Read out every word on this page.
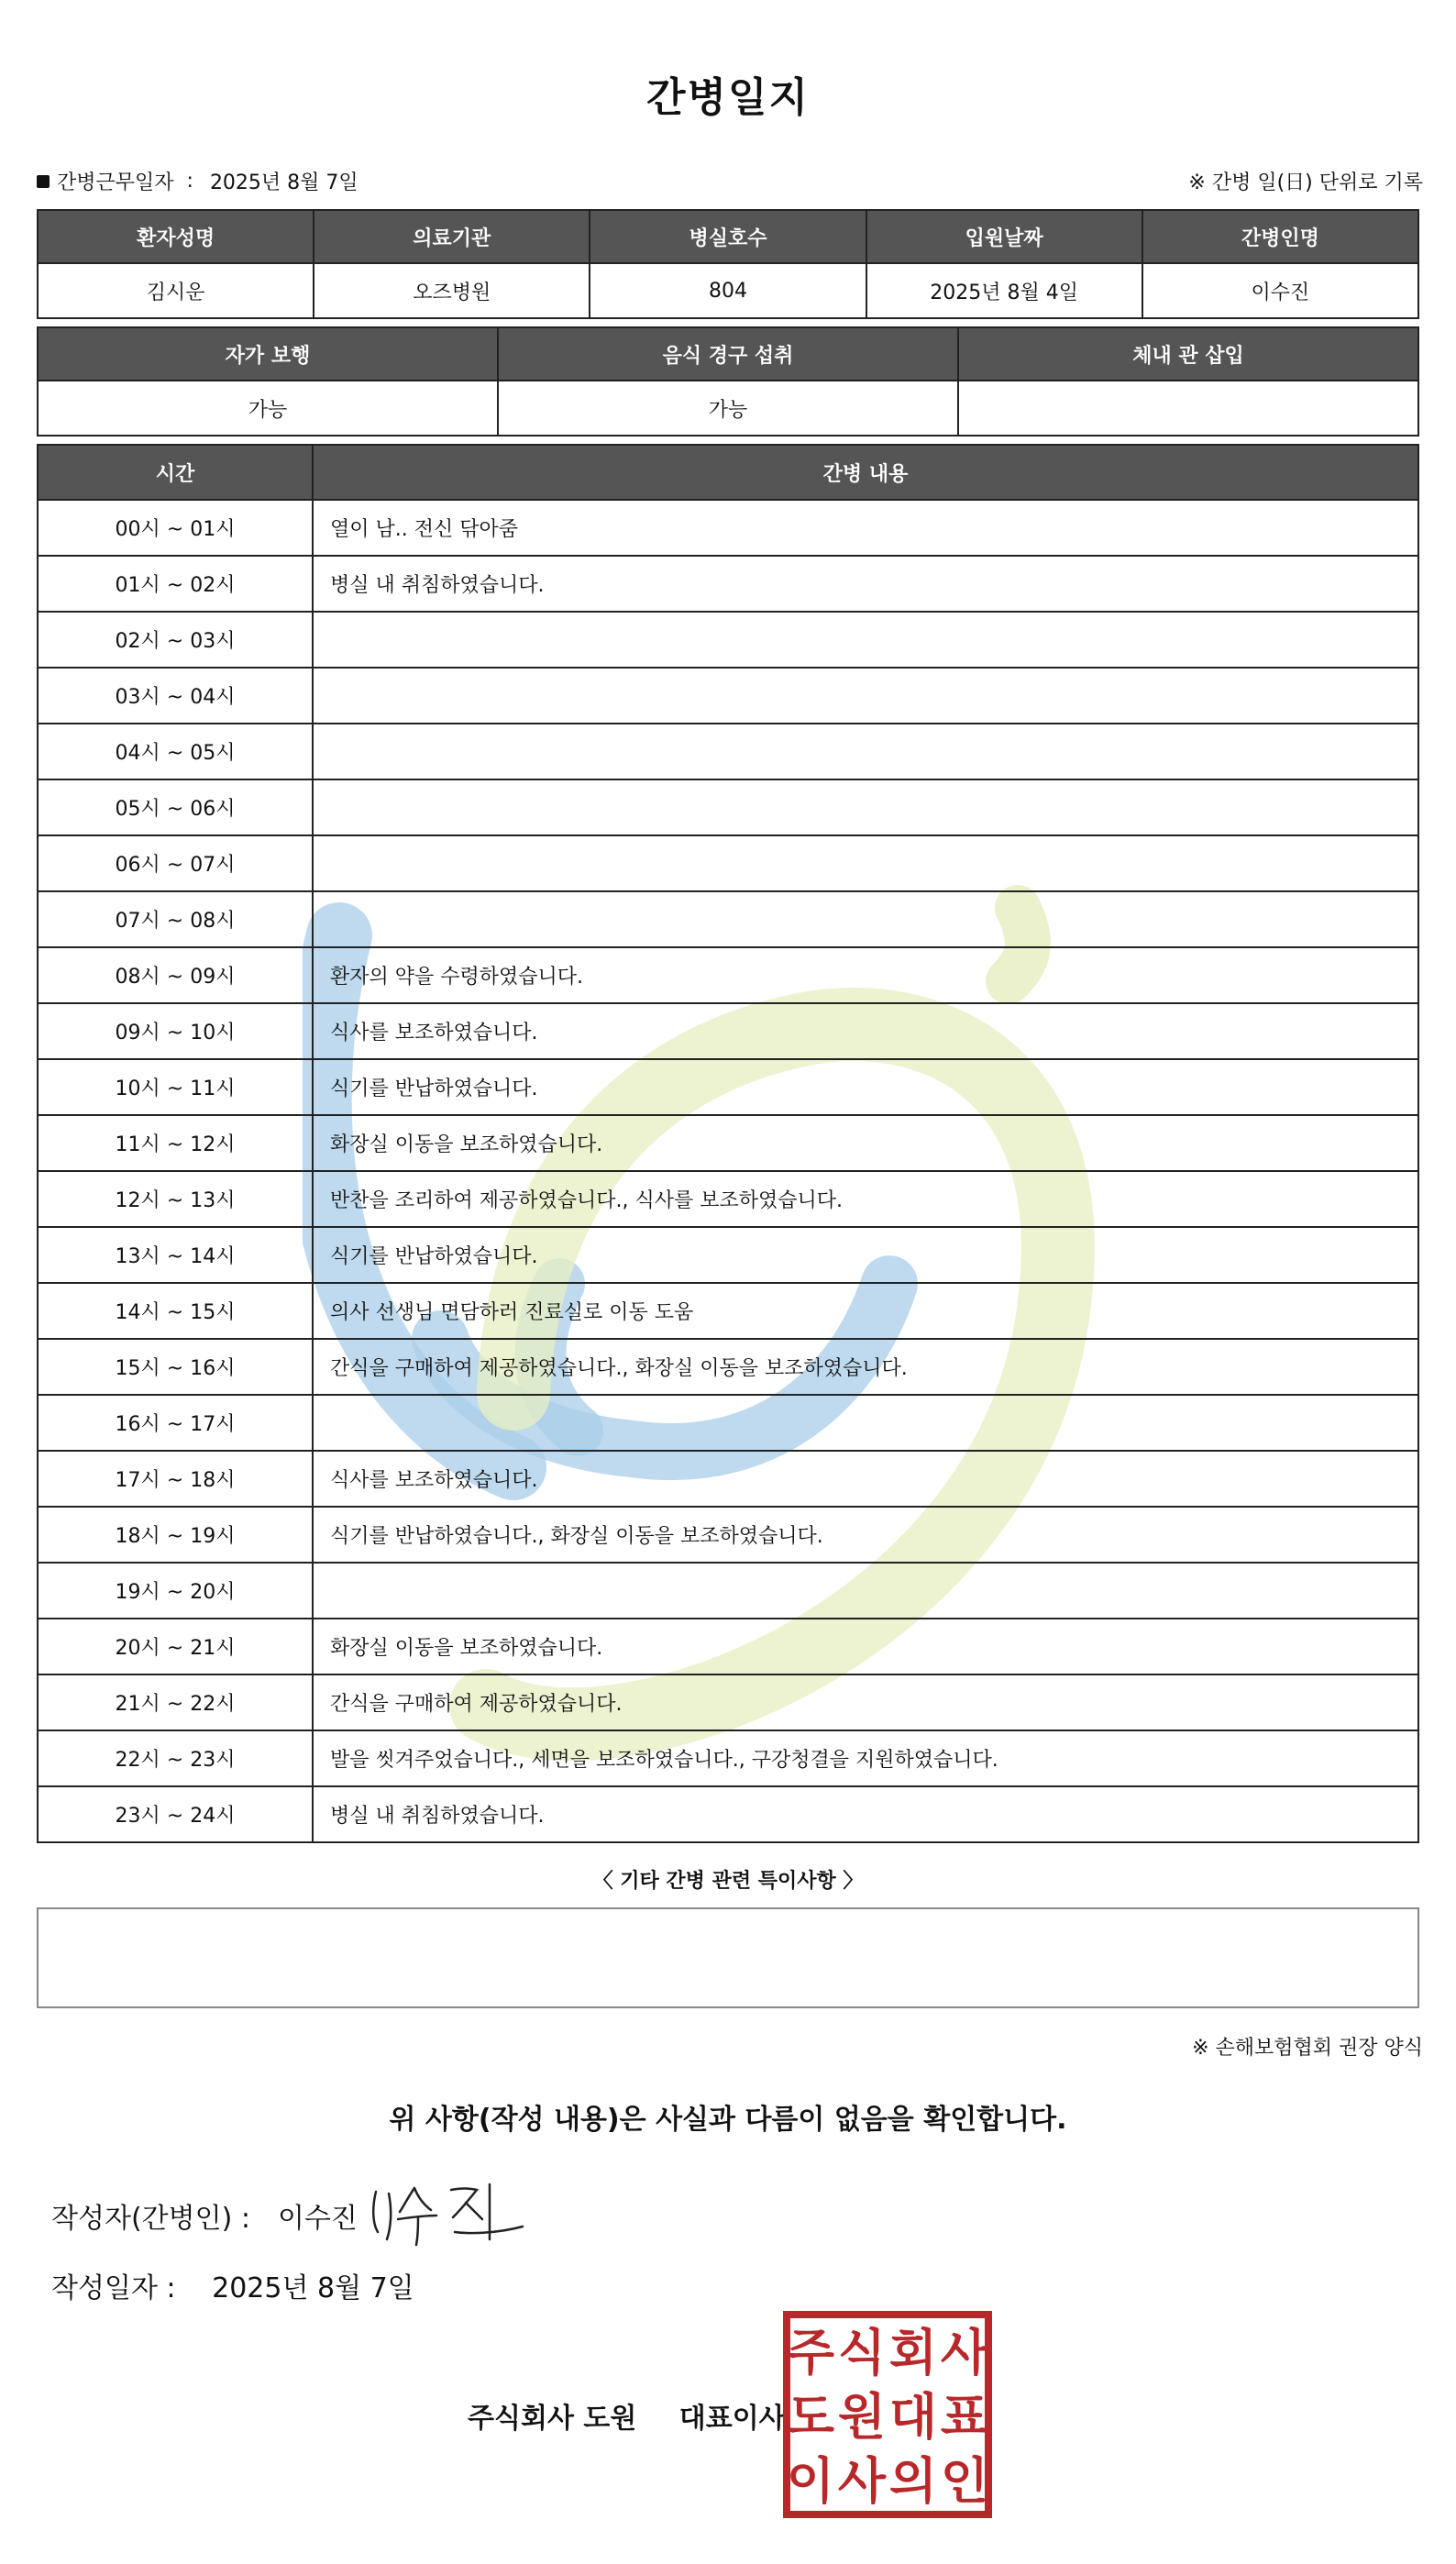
간병일지
간병근무일자 : 2025년 8월 7일	※ 간병 일(日) 단위로 기록
환자성명	의료기관	병실호수	입원날짜	간병인명
김시운	오즈병원	804	2025년 8월 4일	이수진
자가 보행	음식 경구 섭취	체내 관 삽입
가능	가능	
시간	간병 내용
00시 ~ 01시	열이 남.. 전신 닦아줌
01시 ~ 02시	병실 내 취침하였습니다.
02시 ~ 03시	
03시 ~ 04시	
04시 ~ 05시	
05시 ~ 06시	
06시 ~ 07시	
07시 ~ 08시	
08시 ~ 09시	환자의 약을 수령하였습니다.
09시 ~ 10시	식사를 보조하였습니다.
10시 ~ 11시	식기를 반납하였습니다.
11시 ~ 12시	화장실 이동을 보조하였습니다.
12시 ~ 13시	반찬을 조리하여 제공하였습니다., 식사를 보조하였습니다.
13시 ~ 14시	식기를 반납하였습니다.
14시 ~ 15시	의사 선생님 면담하러 진료실로 이동 도움
15시 ~ 16시	간식을 구매하여 제공하였습니다., 화장실 이동을 보조하였습니다.
16시 ~ 17시	
17시 ~ 18시	식사를 보조하였습니다.
18시 ~ 19시	식기를 반납하였습니다., 화장실 이동을 보조하였습니다.
19시 ~ 20시	
20시 ~ 21시	화장실 이동을 보조하였습니다.
21시 ~ 22시	간식을 구매하여 제공하였습니다.
22시 ~ 23시	발을 씻겨주었습니다., 세면을 보조하였습니다., 구강청결을 지원하였습니다.
23시 ~ 24시	병실 내 취침하였습니다.
〈 기타 간병 관련 특이사항 〉
※ 손해보험협회 권장 양식
위 사항(작성 내용)은 사실과 다름이 없음을 확인합니다.
작성자(간병인) : 이수진
작성일자 : 2025년 8월 7일
주식회사 도원 대표이사
주 식 회 사
도 원 대 표
이 사 의 인
